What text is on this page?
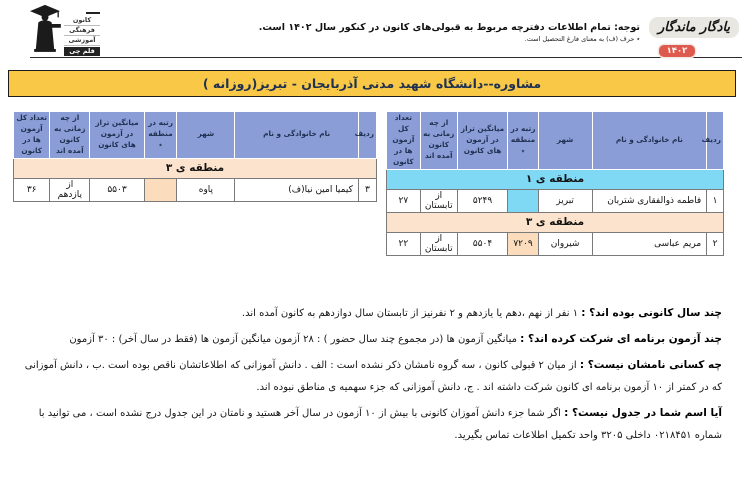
کانون
فرهنگی
آموزشی
قلم چی
توجه: تمام اطلاعات دفترچه مربوط به قبولی‌های کانون در کنکور سال ۱۴۰۲ است.
٭ حرف (ف) به معنای فارغ التحصیل است.
یادگار ماندگار
۱۴۰۲
مشاوره--دانشگاه شهید مدنی آذربایجان - تبریز(روزانه )
ردیف	نام خانوادگی و نام	شهر	رتبه در منطقه ٭	میانگین تراز در آزمون های کانون	از چه زمانی به کانون آمده اند	تعداد کل آزمون ها در کانون
منطقه ی ۱						
۱	فاطمه ذوالفقاری شتربان	تبریز		۵۲۴۹	از تابستان	۲۷
منطقه ی ۳						
۲	مریم عباسی	شیروان	۷۲۰۹	۵۵۰۴	از تابستان	۲۲
ردیف	نام خانوادگی و نام	شهر	رتبه در منطقه ٭	میانگین تراز در آزمون های کانون	از چه زمانی به کانون آمده اند	تعداد کل آزمون ها در کانون
منطقه ی ۳						
۳	کیمیا امین نیا(ف)	پاوه		۵۵۰۳	از یازدهم	۳۶

چند سال کانونی بوده اند؟ : ۱ نفر از نهم ،دهم یا یازدهم و ۲ نفرنیز از تابستان سال دوازدهم به کانون آمده اند.

چند آزمون برنامه ای شرکت کرده اند؟ : میانگین آزمون ها (در مجموع چند سال حضور ) : ۲۸ آزمون میانگین آزمون ها (فقط در سال آخر) : ۳۰ آزمون

چه کسانی نامشان نیست؟ : از میان ۲ قبولی کانون ، سه گروه نامشان ذکر نشده است : الف . دانش آموزانی که اطلاعاتشان ناقص بوده است .ب ، دانش آموزانی که در کمتر از ۱۰ آزمون برنامه ای کانون شرکت داشته اند . ج، دانش آموزانی که جزء سهمیه ی مناطق نبوده اند.

آیا اسم شما در جدول نیست؟ : اگر شما جزء دانش آموزان کانونی با بیش از ۱۰ آزمون در سال آخر هستید و نامتان در این جدول درج نشده است ، می توانید با شماره ۰۲۱۸۴۵۱ داخلی ۳۲۰۵ واحد تکمیل اطلاعات تماس بگیرید.
